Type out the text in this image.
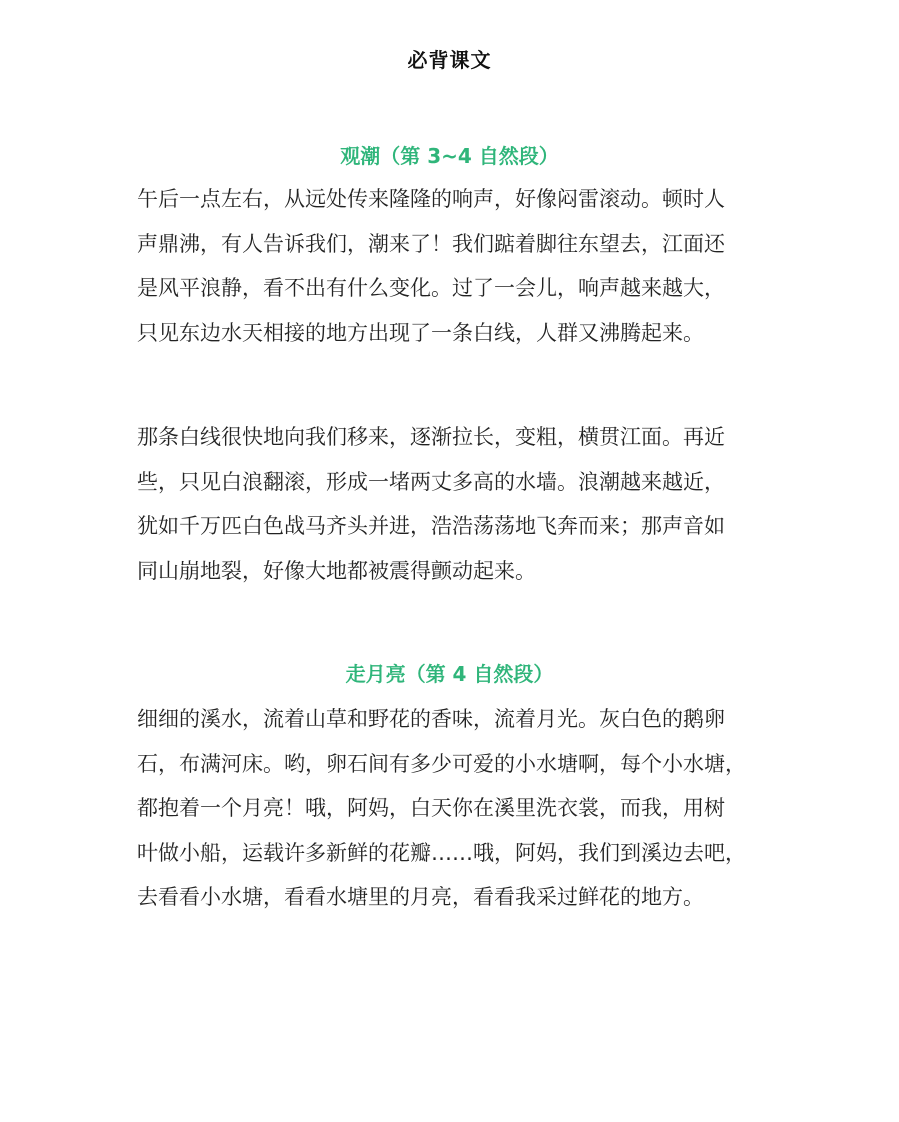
必背课文
观潮（第 3~4 自然段）

午后一点左右，从远处传来隆隆的响声，好像闷雷滚动。顿时人
声鼎沸，有人告诉我们，潮来了！我们踮着脚往东望去，江面还
是风平浪静，看不出有什么变化。过了一会儿，响声越来越大，
只见东边水天相接的地方出现了一条白线，人群又沸腾起来。

那条白线很快地向我们移来，逐渐拉长，变粗，横贯江面。再近
些，只见白浪翻滚，形成一堵两丈多高的水墙。浪潮越来越近，
犹如千万匹白色战马齐头并进，浩浩荡荡地飞奔而来；那声音如
同山崩地裂，好像大地都被震得颤动起来。

走月亮（第 4 自然段）

细细的溪水，流着山草和野花的香味，流着月光。灰白色的鹅卵
石，布满河床。哟，卵石间有多少可爱的小水塘啊，每个小水塘，
都抱着一个月亮！哦，阿妈，白天你在溪里洗衣裳，而我，用树
叶做小船，运载许多新鲜的花瓣……哦，阿妈，我们到溪边去吧，
去看看小水塘，看看水塘里的月亮，看看我采过鲜花的地方。
